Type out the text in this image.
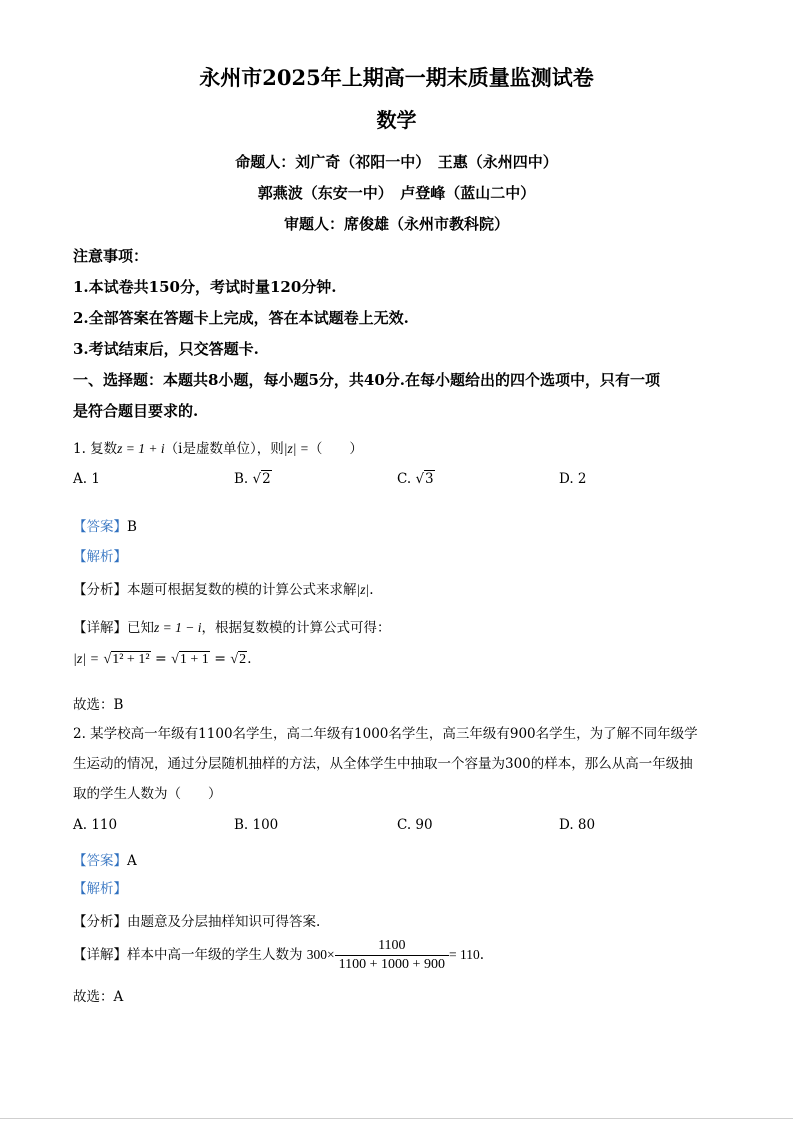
永州市2025年上期高一期末质量监测试卷
数学
命题人：刘广奇（祁阳一中）　王惠（永州四中）
郭燕波（东安一中）　卢登峰（蓝山二中）
审题人：席俊雄（永州市教科院）
注意事项：
1.本试卷共150分，考试时量120分钟.
2.全部答案在答题卡上完成，答在本试题卷上无效.
3.考试结束后，只交答题卡.
一、选择题：本题共8小题，每小题5分，共40分.在每小题给出的四个选项中，只有一项
是符合题目要求的.
1. 复数z = 1 + i（i是虚数单位），则|z| =（　　）
A. 1	B. √2	C. √3	D. 2
【答案】B
【解析】
【分析】本题可根据复数的模的计算公式来求解|z|.
【详解】已知z = 1 − i，根据复数模的计算公式可得：
|z| = √1² + 1² = √1 + 1 = √2.
故选：B
2. 某学校高一年级有1100名学生，高二年级有1000名学生，高三年级有900名学生，为了解不同年级学
生运动的情况，通过分层随机抽样的方法，从全体学生中抽取一个容量为300的样本，那么从高一年级抽
取的学生人数为（　　）
A. 110	B. 100	C. 90	D. 80
【答案】A
【解析】
【分析】由题意及分层抽样知识可得答案.
【详解】样本中高一年级的学生人数为 $300\times \frac{1100}{1100 + 1000 + 900} = 110$.
故选：A
